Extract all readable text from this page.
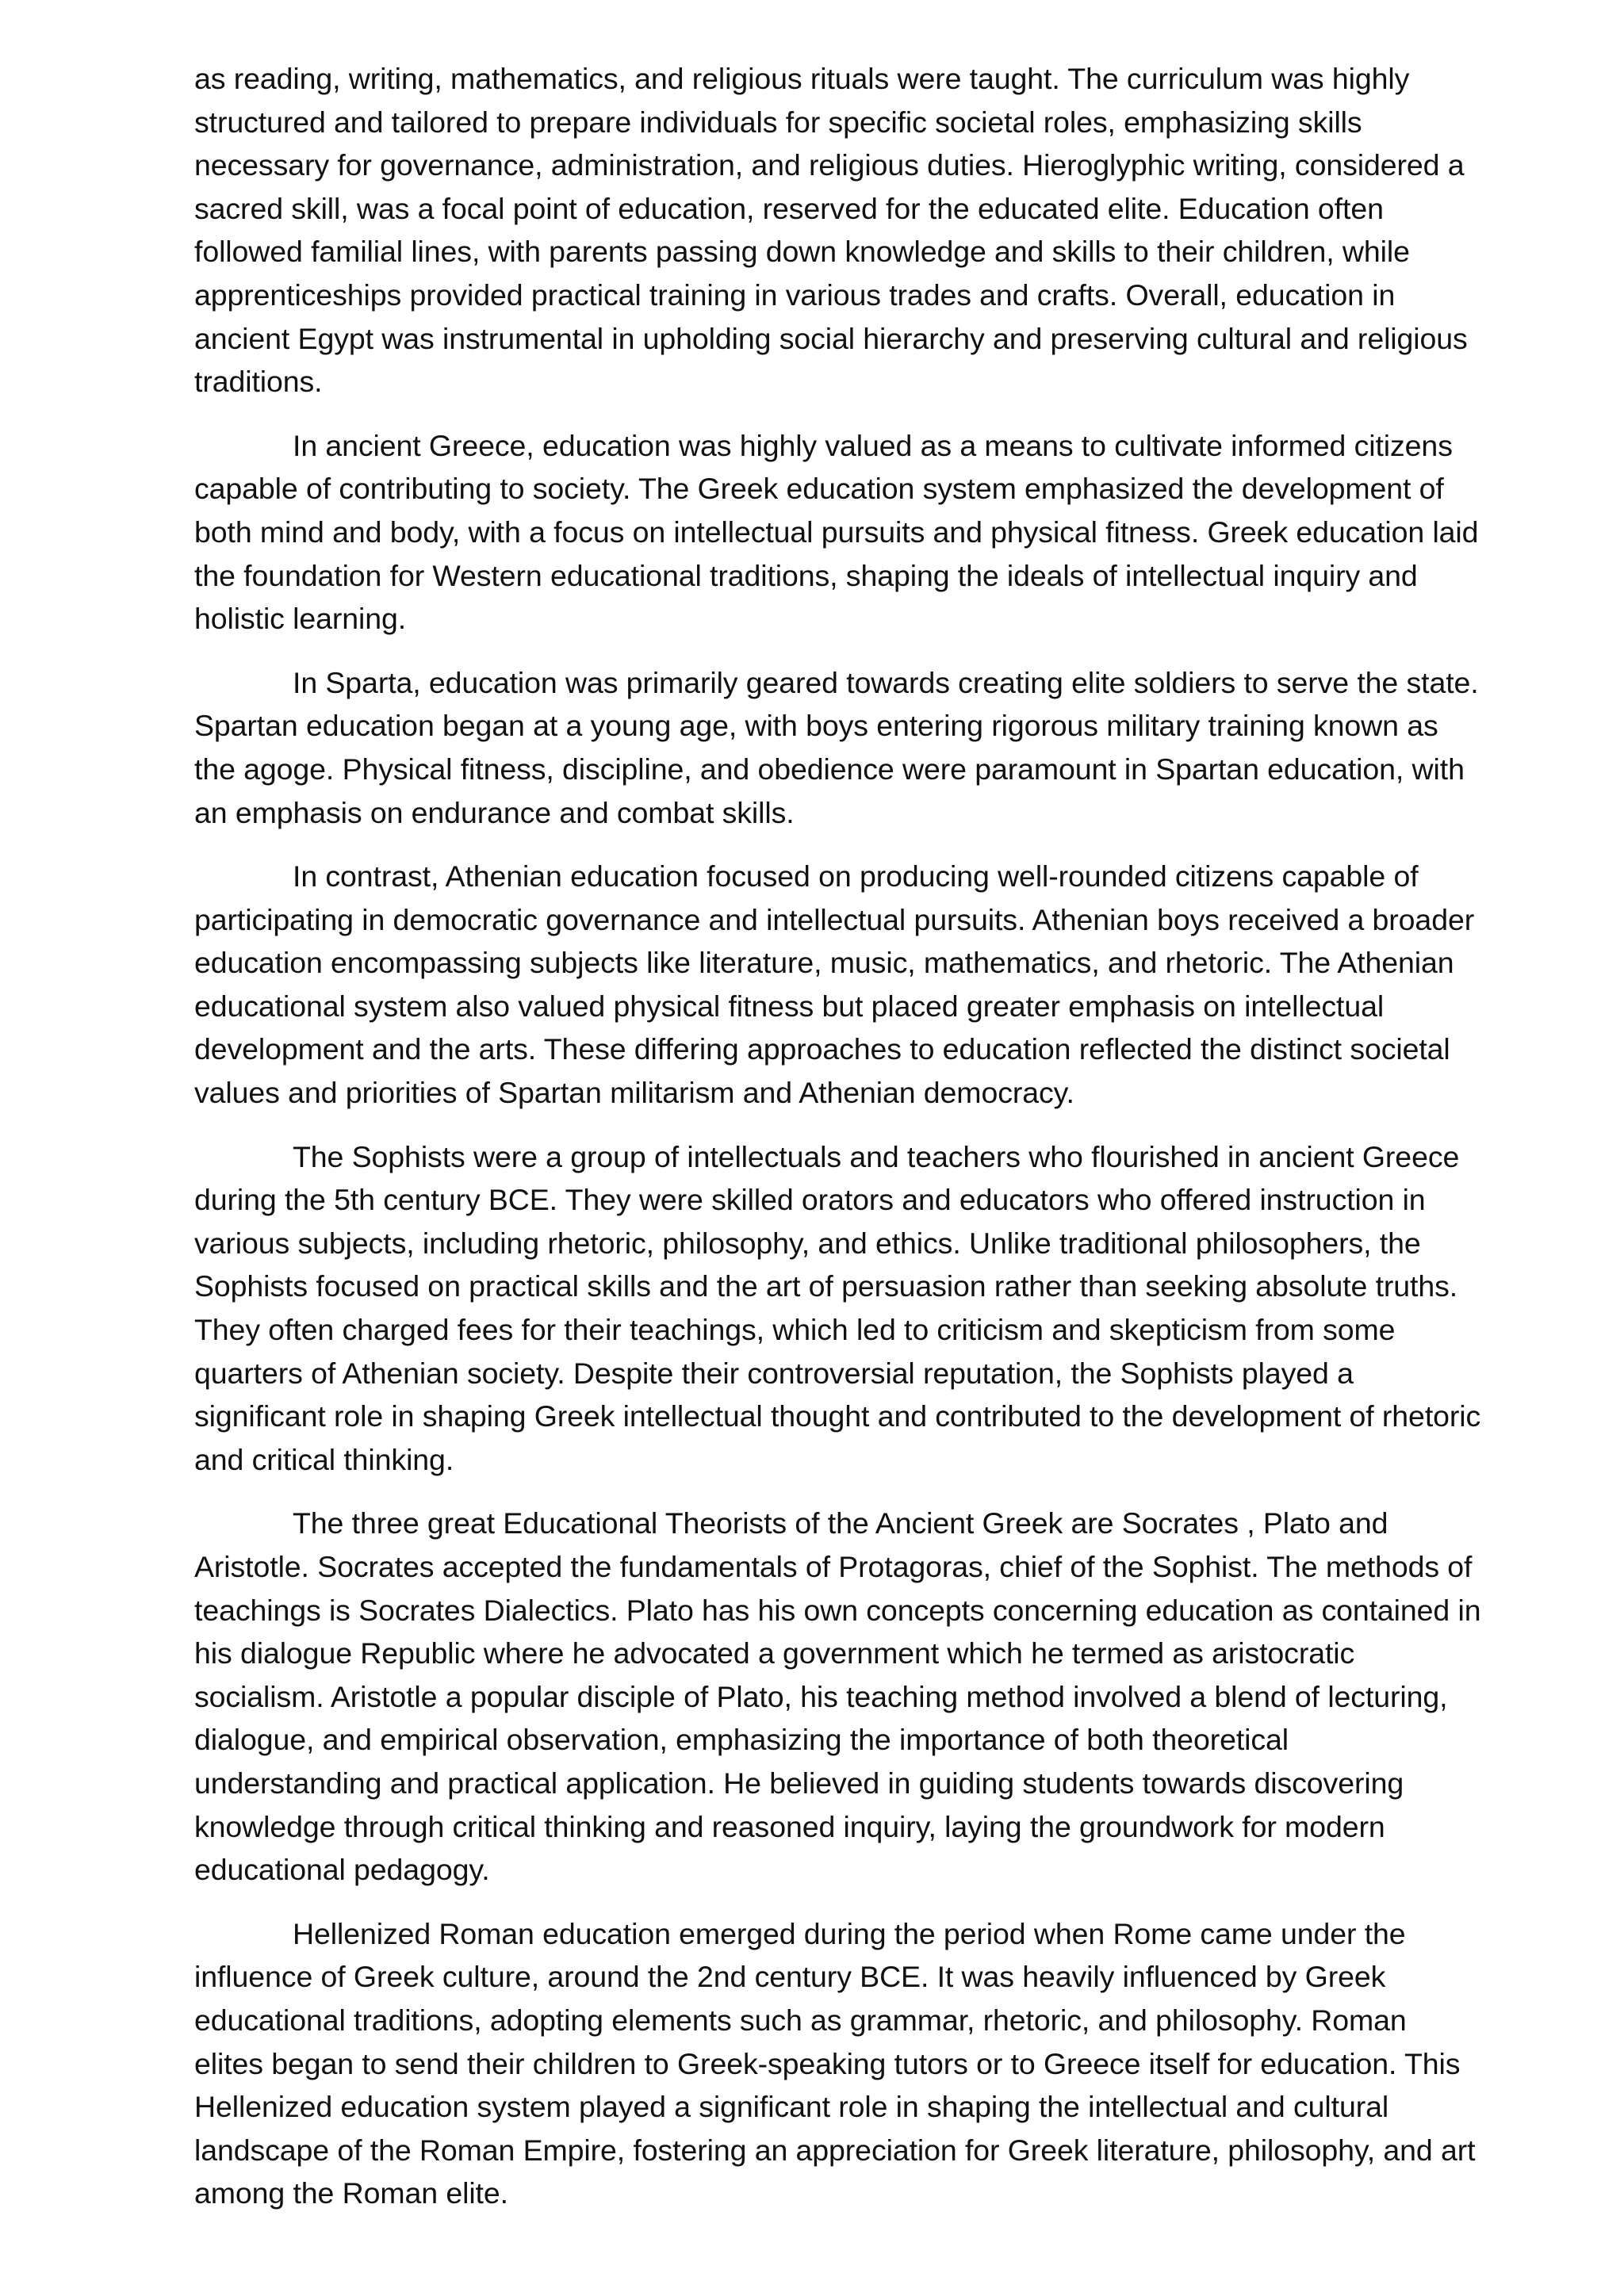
as reading, writing, mathematics, and religious rituals were taught. The curriculum was highly structured and tailored to prepare individuals for specific societal roles, emphasizing skills necessary for governance, administration, and religious duties. Hieroglyphic writing, considered a sacred skill, was a focal point of education, reserved for the educated elite. Education often followed familial lines, with parents passing down knowledge and skills to their children, while apprenticeships provided practical training in various trades and crafts. Overall, education in ancient Egypt was instrumental in upholding social hierarchy and preserving cultural and religious traditions.

In ancient Greece, education was highly valued as a means to cultivate informed citizens capable of contributing to society. The Greek education system emphasized the development of both mind and body, with a focus on intellectual pursuits and physical fitness. Greek education laid the foundation for Western educational traditions, shaping the ideals of intellectual inquiry and holistic learning.

In Sparta, education was primarily geared towards creating elite soldiers to serve the state. Spartan education began at a young age, with boys entering rigorous military training known as the agoge. Physical fitness, discipline, and obedience were paramount in Spartan education, with an emphasis on endurance and combat skills.

In contrast, Athenian education focused on producing well-rounded citizens capable of participating in democratic governance and intellectual pursuits. Athenian boys received a broader education encompassing subjects like literature, music, mathematics, and rhetoric. The Athenian educational system also valued physical fitness but placed greater emphasis on intellectual development and the arts. These differing approaches to education reflected the distinct societal values and priorities of Spartan militarism and Athenian democracy.

The Sophists were a group of intellectuals and teachers who flourished in ancient Greece during the 5th century BCE. They were skilled orators and educators who offered instruction in various subjects, including rhetoric, philosophy, and ethics. Unlike traditional philosophers, the Sophists focused on practical skills and the art of persuasion rather than seeking absolute truths. They often charged fees for their teachings, which led to criticism and skepticism from some quarters of Athenian society. Despite their controversial reputation, the Sophists played a significant role in shaping Greek intellectual thought and contributed to the development of rhetoric and critical thinking.

The three great Educational Theorists of the Ancient Greek are Socrates , Plato and Aristotle. Socrates accepted the fundamentals of Protagoras, chief of the Sophist. The methods of teachings is Socrates Dialectics. Plato has his own concepts concerning education as contained in his dialogue Republic where he advocated a government which he termed as aristocratic socialism. Aristotle a popular disciple of Plato, his teaching method involved a blend of lecturing, dialogue, and empirical observation, emphasizing the importance of both theoretical understanding and practical application. He believed in guiding students towards discovering knowledge through critical thinking and reasoned inquiry, laying the groundwork for modern educational pedagogy.

Hellenized Roman education emerged during the period when Rome came under the influence of Greek culture, around the 2nd century BCE. It was heavily influenced by Greek educational traditions, adopting elements such as grammar, rhetoric, and philosophy. Roman elites began to send their children to Greek-speaking tutors or to Greece itself for education. This Hellenized education system played a significant role in shaping the intellectual and cultural landscape of the Roman Empire, fostering an appreciation for Greek literature, philosophy, and art among the Roman elite.
